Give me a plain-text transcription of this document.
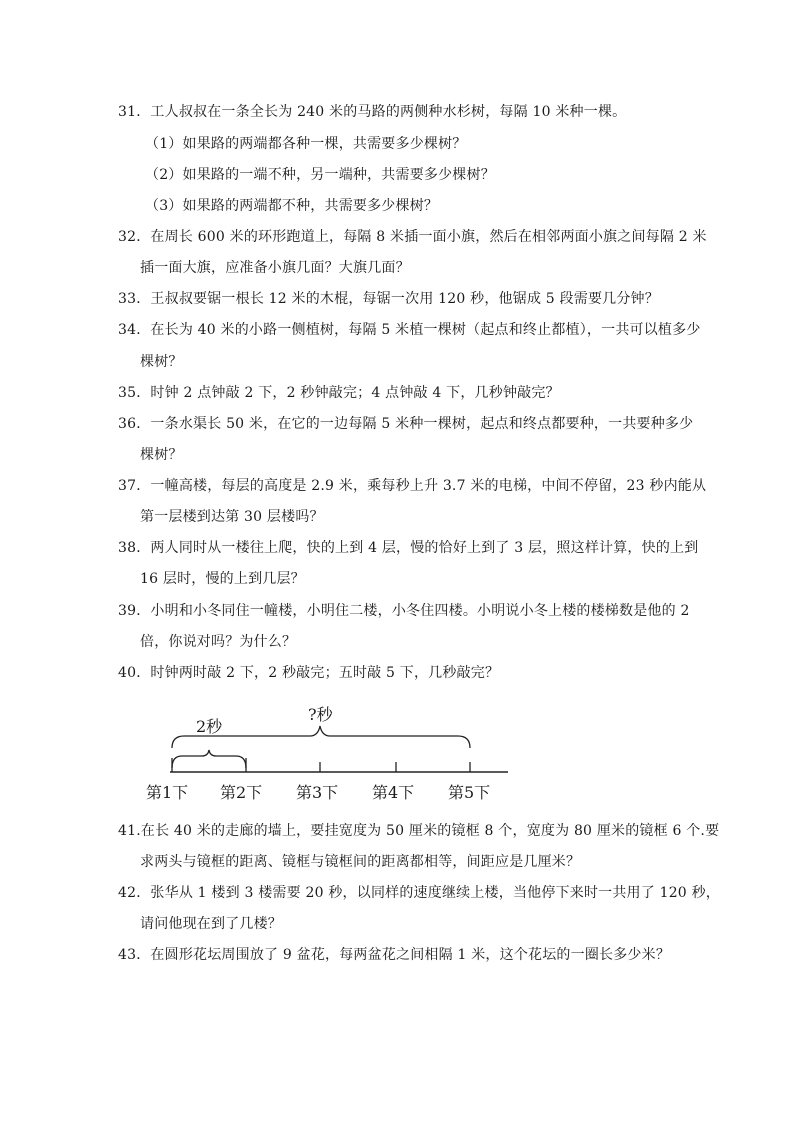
31．工人叔叔在一条全长为 240 米的马路的两侧种水杉树，每隔 10 米种一棵。
（1）如果路的两端都各种一棵，共需要多少棵树？
（2）如果路的一端不种，另一端种，共需要多少棵树？
（3）如果路的两端都不种，共需要多少棵树？
32．在周长 600 米的环形跑道上，每隔 8 米插一面小旗，然后在相邻两面小旗之间每隔 2 米
插一面大旗，应准备小旗几面？大旗几面？
33．王叔叔要锯一根长 12 米的木棍，每锯一次用 120 秒，他锯成 5 段需要几分钟？
34．在长为 40 米的小路一侧植树，每隔 5 米植一棵树（起点和终止都植），一共可以植多少
棵树？
35．时钟 2 点钟敲 2 下，2 秒钟敲完；4 点钟敲 4 下，几秒钟敲完？
36．一条水渠长 50 米，在它的一边每隔 5 米种一棵树，起点和终点都要种，一共要种多少
棵树？
37．一幢高楼，每层的高度是 2.9 米，乘每秒上升 3.7 米的电梯，中间不停留，23 秒内能从
第一层楼到达第 30 层楼吗？
38．两人同时从一楼往上爬，快的上到 4 层，慢的恰好上到了 3 层，照这样计算，快的上到
16 层时，慢的上到几层？
39．小明和小冬同住一幢楼，小明住二楼，小冬住四楼。小明说小冬上楼的楼梯数是他的 2
倍，你说对吗？为什么？
40．时钟两时敲 2 下，2 秒敲完；五时敲 5 下，几秒敲完？
2秒
?秒
第1下 第2下 第3下 第4下 第5下
41.在长 40 米的走廊的墙上，要挂宽度为 50 厘米的镜框 8 个，宽度为 80 厘米的镜框 6 个.要
求两头与镜框的距离、镜框与镜框间的距离都相等，间距应是几厘米？
42．张华从 1 楼到 3 楼需要 20 秒，以同样的速度继续上楼，当他停下来时一共用了 120 秒，
请问他现在到了几楼？
43．在圆形花坛周围放了 9 盆花，每两盆花之间相隔 1 米，这个花坛的一圈长多少米？
